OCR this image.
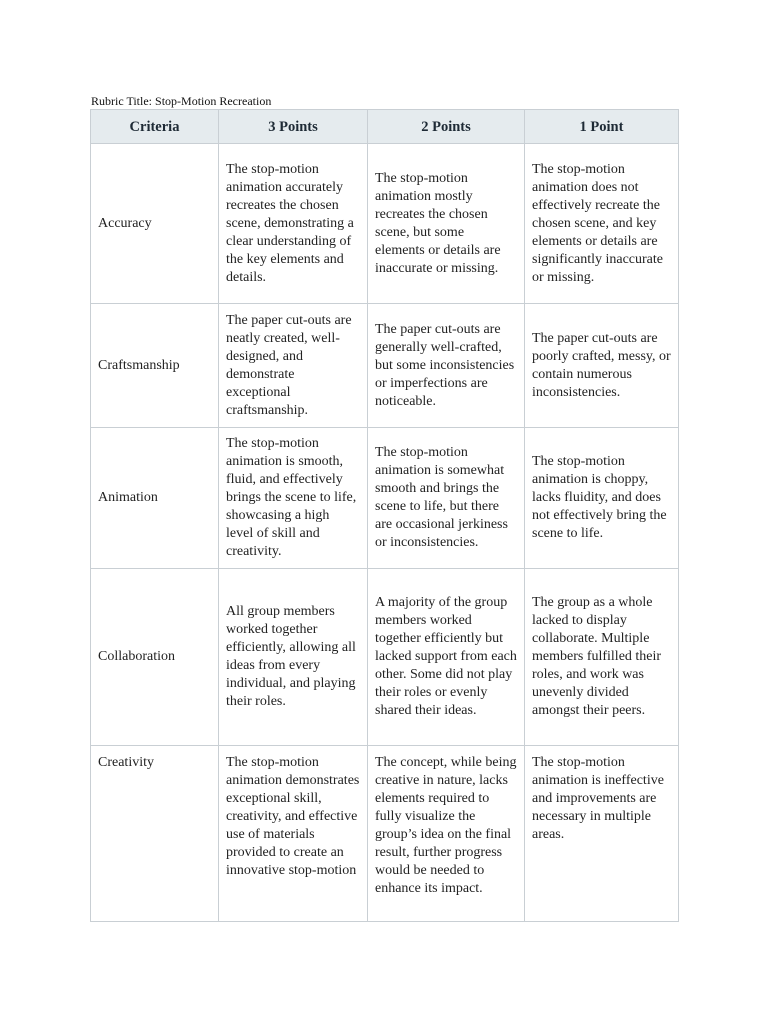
Rubric Title: Stop-Motion Recreation
Criteria	3 Points	2 Points	1 Point
Accuracy	The stop-motion animation accurately recreates the chosen scene, demonstrating a clear understanding of the key elements and details.	The stop-motion animation mostly recreates the chosen scene, but some elements or details are inaccurate or missing.	The stop-motion animation does not effectively recreate the chosen scene, and key elements or details are significantly inaccurate or missing.
Craftsmanship	The paper cut-outs are neatly created, well-designed, and demonstrate exceptional craftsmanship.	The paper cut-outs are generally well-crafted, but some inconsistencies or imperfections are noticeable.	The paper cut-outs are poorly crafted, messy, or contain numerous inconsistencies.
Animation	The stop-motion animation is smooth, fluid, and effectively brings the scene to life, showcasing a high level of skill and creativity.	The stop-motion animation is somewhat smooth and brings the scene to life, but there are occasional jerkiness or inconsistencies.	The stop-motion animation is choppy, lacks fluidity, and does not effectively bring the scene to life.
Collaboration	All group members worked together efficiently, allowing all ideas from every individual, and playing their roles.	A majority of the group members worked together efficiently but lacked support from each other. Some did not play their roles or evenly shared their ideas.	The group as a whole lacked to display collaborate. Multiple members fulfilled their roles, and work was unevenly divided amongst their peers.
Creativity	The stop-motion animation demonstrates exceptional skill, creativity, and effective use of materials provided to create an innovative stop-motion	The concept, while being creative in nature, lacks elements required to fully visualize the group’s idea on the final result, further progress would be needed to enhance its impact.	The stop-motion animation is ineffective and improvements are necessary in multiple areas.
